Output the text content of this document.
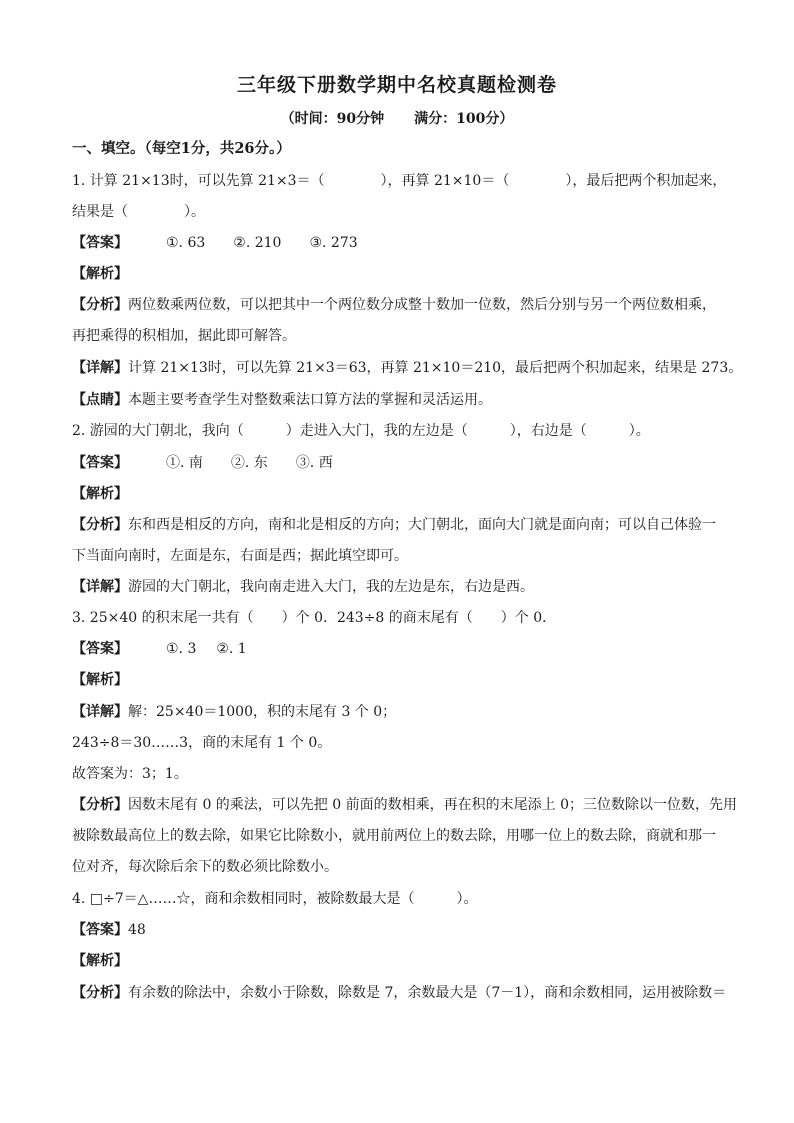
三年级下册数学期中名校真题检测卷
（时间：90分钟 满分：100分）
一、填空。（每空1分，共26分。）
1. 计算 21×13时，可以先算 21×3＝（　　　　），再算 21×10＝（　　　　），最后把两个积加起来，
结果是（　　　　）。
【答案】	①. 63 ②. 210 ③. 273
【解析】
【分析】两位数乘两位数，可以把其中一个两位数分成整十数加一位数，然后分别与另一个两位数相乘，
再把乘得的积相加，据此即可解答。
【详解】计算 21×13时，可以先算 21×3＝63，再算 21×10＝210，最后把两个积加起来，结果是 273。
【点睛】本题主要考查学生对整数乘法口算方法的掌握和灵活运用。
2. 游园的大门朝北，我向（　　　）走进入大门，我的左边是（　　　），右边是（　　　）。
【答案】	①. 南 ②. 东 ③. 西
【解析】
【分析】东和西是相反的方向，南和北是相反的方向；大门朝北，面向大门就是面向南；可以自己体验一
下当面向南时，左面是东，右面是西；据此填空即可。
【详解】游园的大门朝北，我向南走进入大门，我的左边是东，右边是西。
3. 25×40 的积末尾一共有（　　）个 0．243÷8 的商末尾有（　　）个 0．
【答案】	①. 3 ②. 1
【解析】
【详解】解：25×40＝1000，积的末尾有 3 个 0；
243÷8＝30……3，商的末尾有 1 个 0。
故答案为：3；1。
【分析】因数末尾有 0 的乘法，可以先把 0 前面的数相乘，再在积的末尾添上 0；三位数除以一位数，先用
被除数最高位上的数去除，如果它比除数小，就用前两位上的数去除，用哪一位上的数去除，商就和那一
位对齐，每次除后余下的数必须比除数小。
4. □÷7＝△……☆，商和余数相同时，被除数最大是（　　　）。
【答案】48
【解析】
【分析】有余数的除法中，余数小于除数，除数是 7，余数最大是（7－1），商和余数相同，运用被除数＝
